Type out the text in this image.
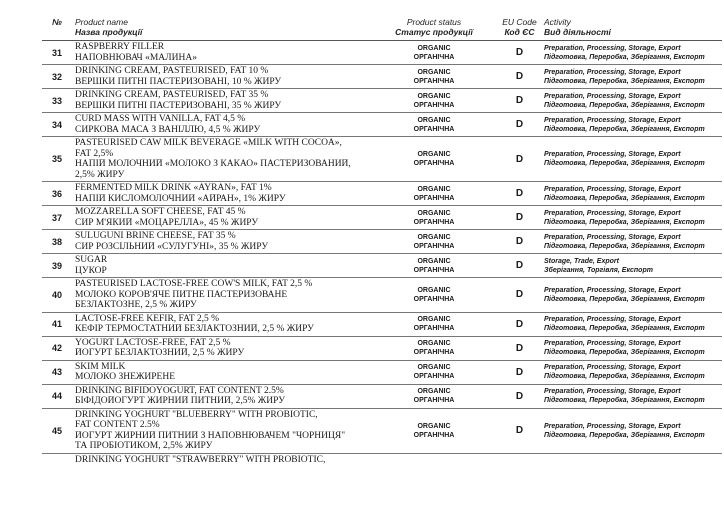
№	Product name
Назва продукції	Product status
Статус продукції	EU Code
Код ЄС	Activity
Вид діяльності

31	RASPBERRY FILLER
НАПОВНЮВАЧ «МАЛИНА»	ORGANIC
ОРГАНІЧНА	D	Preparation, Processing, Storage, Export
Підготовка, Переробка, Зберігання, Експорт

32	DRINKING CREAM, PASTEURISED, FAT 10 %
ВЕРШКИ ПИТНІ ПАСТЕРИЗОВАНІ, 10 % ЖИРУ	ORGANIC
ОРГАНІЧНА	D	Preparation, Processing, Storage, Export
Підготовка, Переробка, Зберігання, Експорт

33	DRINKING CREAM, PASTEURISED, FAT 35 %
ВЕРШКИ ПИТНІ ПАСТЕРИЗОВАНІ, 35 % ЖИРУ	ORGANIC
ОРГАНІЧНА	D	Preparation, Processing, Storage, Export
Підготовка, Переробка, Зберігання, Експорт

34	CURD MASS WITH VANILLA, FAT 4,5 %
СИРКОВА МАСА З ВАНІЛЛЮ, 4,5 % ЖИРУ	ORGANIC
ОРГАНІЧНА	D	Preparation, Processing, Storage, Export
Підготовка, Переробка, Зберігання, Експорт

35	PASTEURISED CAW MILK BEVERAGE «MILK WITH COCOA»,
FAT 2,5%
НАПІЙ МОЛОЧНИЙ «МОЛОКО З КАКАО» ПАСТЕРИЗОВАНИЙ,
2,5% ЖИРУ	ORGANIC
ОРГАНІЧНА	D	Preparation, Processing, Storage, Export
Підготовка, Переробка, Зберігання, Експорт

36	FERMENTED MILK DRINK «AYRAN», FAT 1%
НАПІЙ КИСЛОМОЛОЧНИЙ «АЙРАН», 1% ЖИРУ	ORGANIC
ОРГАНІЧНА	D	Preparation, Processing, Storage, Export
Підготовка, Переробка, Зберігання, Експорт

37	MOZZARELLA SOFT CHEESE, FAT 45 %
СИР М'ЯКИЙ «МОЦАРЕЛЛА», 45 % ЖИРУ	ORGANIC
ОРГАНІЧНА	D	Preparation, Processing, Storage, Export
Підготовка, Переробка, Зберігання, Експорт

38	SULUGUNI BRINE CHEESE, FAT 35 %
СИР РОЗСІЛЬНИЙ «СУЛУГУНІ», 35 % ЖИРУ	ORGANIC
ОРГАНІЧНА	D	Preparation, Processing, Storage, Export
Підготовка, Переробка, Зберігання, Експорт

39	SUGAR
ЦУКОР	ORGANIC
ОРГАНІЧНА	D	Storage, Trade, Export
Зберігання, Торгівля, Експорт

40	PASTEURISED LACTOSE-FREE COW'S MILK, FAT 2,5 %
МОЛОКО КОРОВ'ЯЧЕ ПИТНЕ ПАСТЕРИЗОВАНЕ
БЕЗЛАКТОЗНЕ, 2,5 % ЖИРУ	ORGANIC
ОРГАНІЧНА	D	Preparation, Processing, Storage, Export
Підготовка, Переробка, Зберігання, Експорт

41	LACTOSE-FREE KEFIR, FAT 2,5 %
КЕФІР ТЕРМОСТАТНИЙ БЕЗЛАКТОЗНИЙ, 2,5 % ЖИРУ	ORGANIC
ОРГАНІЧНА	D	Preparation, Processing, Storage, Export
Підготовка, Переробка, Зберігання, Експорт

42	YOGURT LACTOSE-FREE, FAT 2,5 %
ЙОГУРТ БЕЗЛАКТОЗНИЙ, 2,5 % ЖИРУ	ORGANIC
ОРГАНІЧНА	D	Preparation, Processing, Storage, Export
Підготовка, Переробка, Зберігання, Експорт

43	SKIM MILK
МОЛОКО ЗНЕЖИРЕНЕ	ORGANIC
ОРГАНІЧНА	D	Preparation, Processing, Storage, Export
Підготовка, Переробка, Зберігання, Експорт

44	DRINKING BIFIDOYOGURT, FAT CONTENT 2.5%
БІФІДОЙОГУРТ ЖИРНИЙ ПИТНИЙ, 2,5% ЖИРУ	ORGANIC
ОРГАНІЧНА	D	Preparation, Processing, Storage, Export
Підготовка, Переробка, Зберігання, Експорт

45	DRINKING YOGHURT "BLUEBERRY" WITH PROBIOTIC,
FAT CONTENT 2.5%
ЙОГУРТ ЖИРНИЙ ПИТНИЙ З НАПОВНЮВАЧЕМ "ЧОРНИЦЯ"
ТА ПРОБІОТИКОМ, 2,5% ЖИРУ	ORGANIC
ОРГАНІЧНА	D	Preparation, Processing, Storage, Export
Підготовка, Переробка, Зберігання, Експорт

	DRINKING YOGHURT "STRAWBERRY" WITH PROBIOTIC,			
